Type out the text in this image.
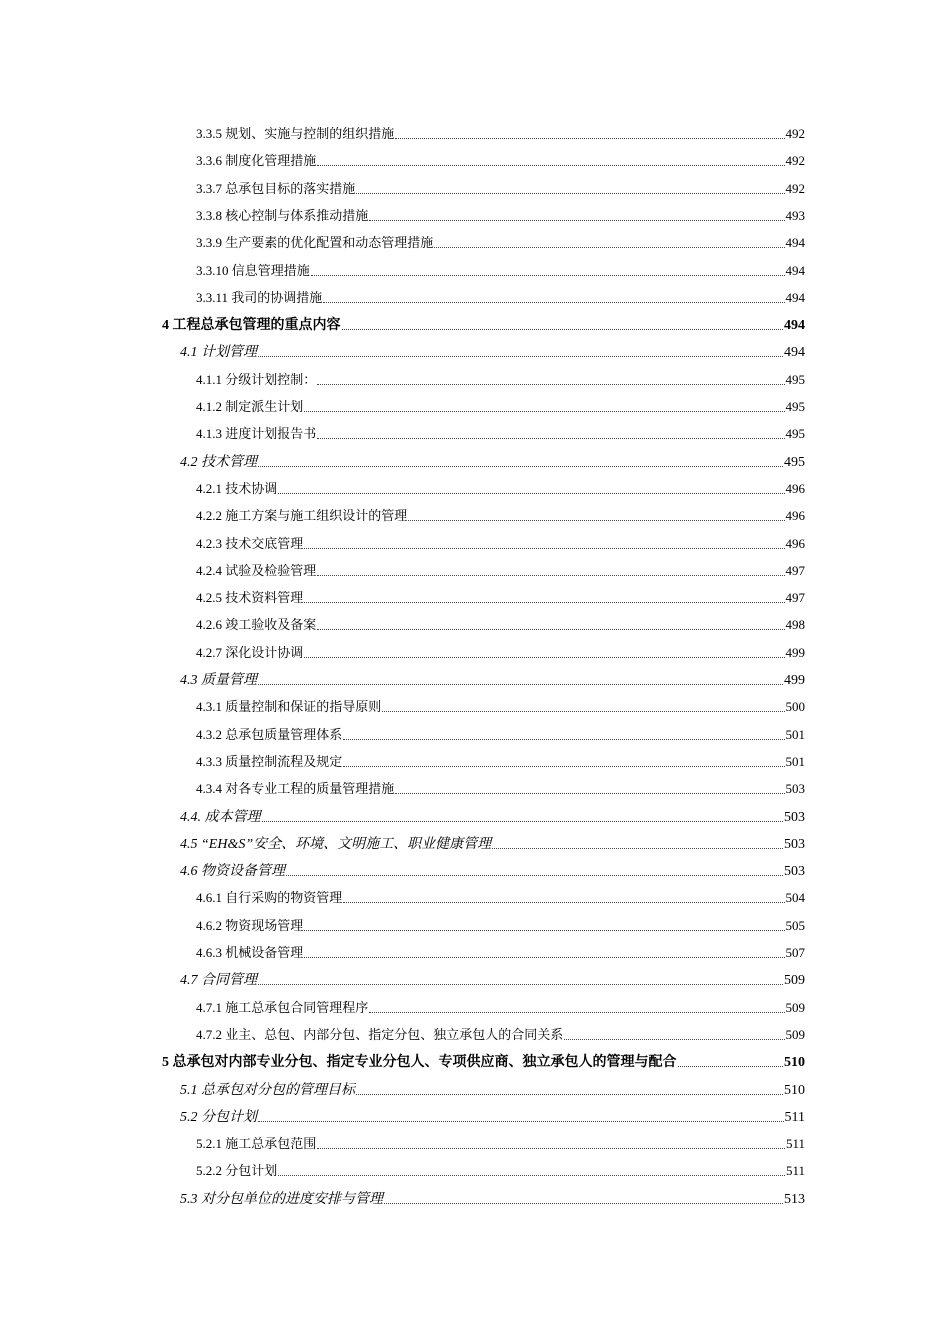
3.3.5 规划、实施与控制的组织措施	492
3.3.6 制度化管理措施	492
3.3.7 总承包目标的落实措施	492
3.3.8 核心控制与体系推动措施	493
3.3.9 生产要素的优化配置和动态管理措施	494
3.3.10 信息管理措施	494
3.3.11 我司的协调措施	494
4 工程总承包管理的重点内容	494
4.1 计划管理	494
4.1.1 分级计划控制：	495
4.1.2 制定派生计划	495
4.1.3 进度计划报告书	495
4.2 技术管理	495
4.2.1 技术协调	496
4.2.2 施工方案与施工组织设计的管理	496
4.2.3 技术交底管理	496
4.2.4 试验及检验管理	497
4.2.5 技术资料管理	497
4.2.6 竣工验收及备案	498
4.2.7 深化设计协调	499
4.3 质量管理	499
4.3.1 质量控制和保证的指导原则	500
4.3.2 总承包质量管理体系	501
4.3.3 质量控制流程及规定	501
4.3.4 对各专业工程的质量管理措施	503
4.4. 成本管理	503
4.5 “EH&S”安全、环境、文明施工、职业健康管理	503
4.6 物资设备管理	503
4.6.1 自行采购的物资管理	504
4.6.2 物资现场管理	505
4.6.3 机械设备管理	507
4.7 合同管理	509
4.7.1 施工总承包合同管理程序	509
4.7.2 业主、总包、内部分包、指定分包、独立承包人的合同关系	509
5 总承包对内部专业分包、指定专业分包人、专项供应商、独立承包人的管理与配合	510
5.1 总承包对分包的管理目标	510
5.2 分包计划	511
5.2.1 施工总承包范围	511
5.2.2 分包计划	511
5.3 对分包单位的进度安排与管理	513
